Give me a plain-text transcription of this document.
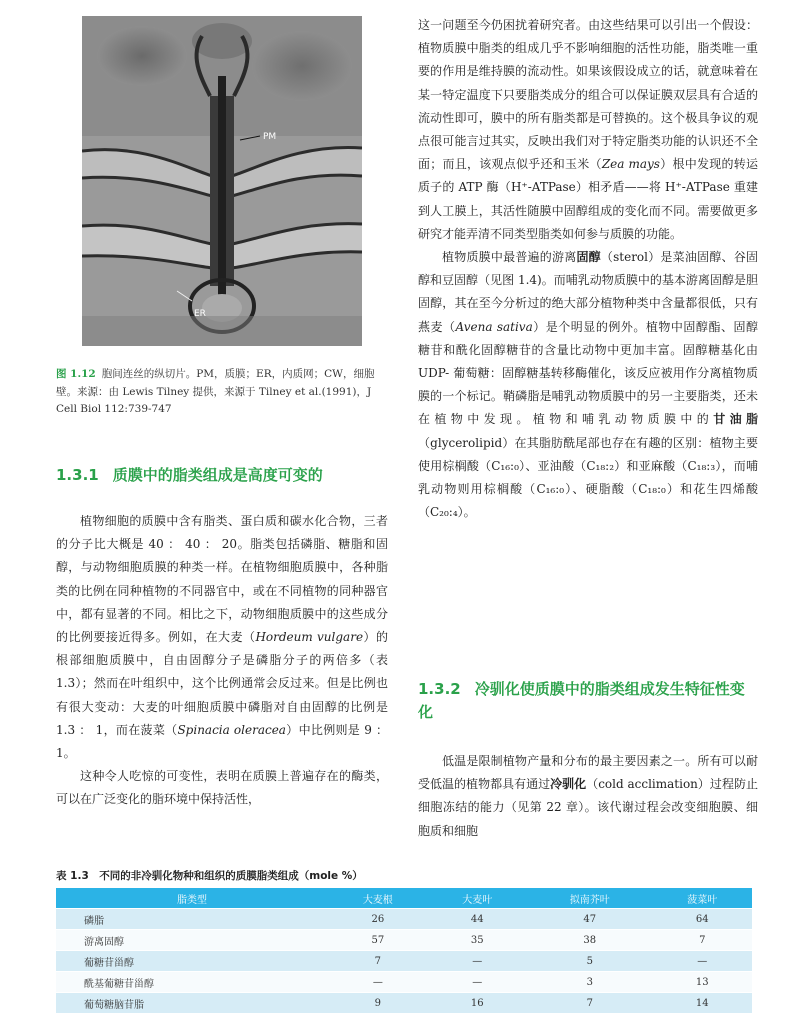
PM
ER
图 1.12 胞间连丝的纵切片。PM，质膜；ER，内质网；CW，细胞壁。来源：由 Lewis Tilney 提供，来源于 Tilney et al.(1991)，J Cell Biol 112:739-747
1.3.1 质膜中的脂类组成是高度可变的

植物细胞的质膜中含有脂类、蛋白质和碳水化合物，三者的分子比大概是 40 ： 40 ： 20。脂类包括磷脂、糖脂和固醇，与动物细胞质膜的种类一样。在植物细胞质膜中，各种脂类的比例在同种植物的不同器官中，或在不同植物的同种器官中，都有显著的不同。相比之下，动物细胞质膜中的这些成分的比例要接近得多。例如，在大麦（Hordeum vulgare）的根部细胞质膜中，自由固醇分子是磷脂分子的两倍多（表 1.3）；然而在叶组织中，这个比例通常会反过来。但是比例也有很大变动：大麦的叶细胞质膜中磷脂对自由固醇的比例是 1.3 ： 1，而在菠菜（Spinacia oleracea）中比例则是 9 ： 1。

这种令人吃惊的可变性，表明在质膜上普遍存在的酶类，可以在广泛变化的脂环境中保持活性，

这一问题至今仍困扰着研究者。由这些结果可以引出一个假设：植物质膜中脂类的组成几乎不影响细胞的活性功能，脂类唯一重要的作用是维持膜的流动性。如果该假设成立的话，就意味着在某一特定温度下只要脂类成分的组合可以保证膜双层具有合适的流动性即可，膜中的所有脂类都是可替换的。这个极具争议的观点很可能言过其实，反映出我们对于特定脂类功能的认识还不全面；而且，该观点似乎还和玉米（Zea mays）根中发现的转运质子的 ATP 酶（H⁺-ATPase）相矛盾——将 H⁺-ATPase 重建到人工膜上，其活性随膜中固醇组成的变化而不同。需要做更多研究才能弄清不同类型脂类如何参与质膜的功能。

植物质膜中最普遍的游离固醇（sterol）是菜油固醇、谷固醇和豆固醇（见图 1.4)。而哺乳动物质膜中的基本游离固醇是胆固醇，其在至今分析过的绝大部分植物种类中含量都很低，只有燕麦（Avena sativa）是个明显的例外。植物中固醇酯、固醇糖苷和酰化固醇糖苷的含量比动物中更加丰富。固醇糖基化由 UDP- 葡萄糖：固醇糖基转移酶催化，该反应被用作分离植物质膜的一个标记。鞘磷脂是哺乳动物质膜中的另一主要脂类，还未在植物中发现。植物和哺乳动物质膜中的甘油脂（glycerolipid）在其脂肪酰尾部也存在有趣的区别：植物主要使用棕榈酸（C₁₆:₀）、亚油酸（C₁₈:₂）和亚麻酸（C₁₈:₃），而哺乳动物则用棕榈酸（C₁₆:₀）、硬脂酸（C₁₈:₀）和花生四烯酸（C₂₀:₄）。

1.3.2 冷驯化使质膜中的脂类组成发生特征性变化

低温是限制植物产量和分布的最主要因素之一。所有可以耐受低温的植物都具有通过冷驯化（cold acclimation）过程防止细胞冻结的能力（见第 22 章）。该代谢过程会改变细胞膜、细胞质和细胞

表 1.3　不同的非冷驯化物种和组织的质膜脂类组成（mole %）
脂类型	大麦根	大麦叶	拟南芥叶	菠菜叶
磷脂	26	44	47	64
游离固醇	57	35	38	7
葡糖苷甾醇	7	—	5	—
酰基葡糖苷甾醇	—	—	3	13
葡萄糖脑苷脂	9	16	7	14
